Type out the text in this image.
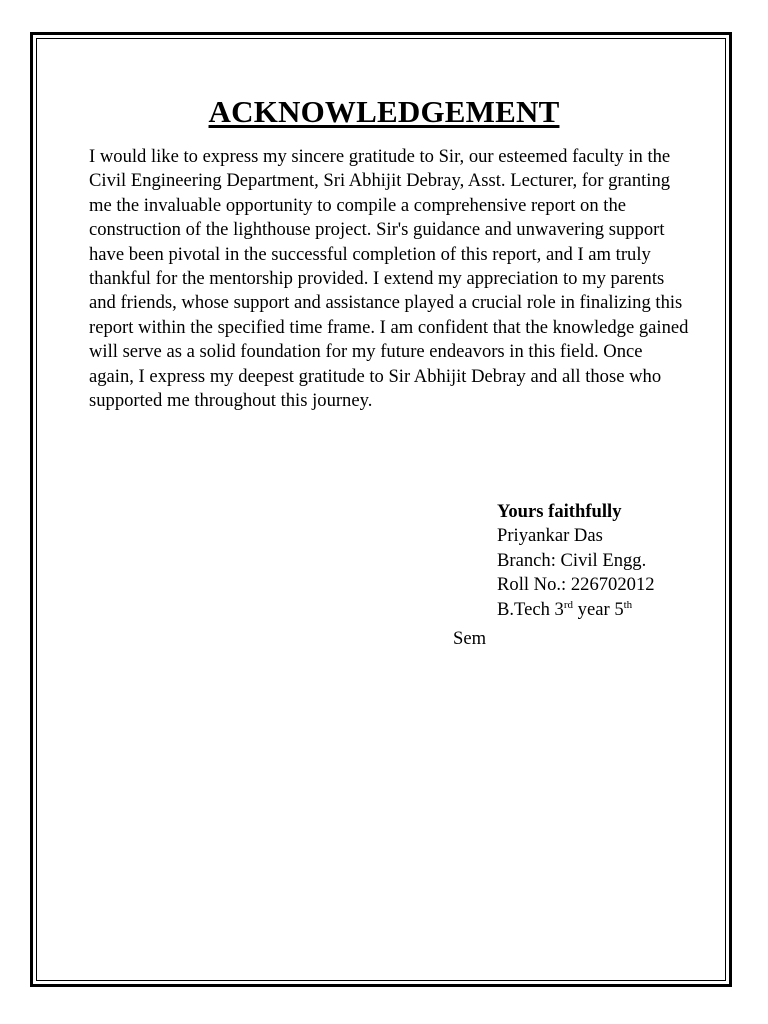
ACKNOWLEDGEMENT

I would like to express my sincere gratitude to Sir, our esteemed faculty in the Civil Engineering Department, Sri Abhijit Debray, Asst. Lecturer, for granting me the invaluable opportunity to compile a comprehensive report on the construction of the lighthouse project. Sir's guidance and unwavering support have been pivotal in the successful completion of this report, and I am truly thankful for the mentorship provided. I extend my appreciation to my parents and friends, whose support and assistance played a crucial role in finalizing this report within the specified time frame. I am confident that the knowledge gained will serve as a solid foundation for my future endeavors in this field. Once again, I express my deepest gratitude to Sir Abhijit Debray and all those who supported me throughout this journey.

Yours faithfully
Priyankar Das
Branch: Civil Engg.
Roll No.: 226702012
B.Tech 3rd year 5th
Sem
